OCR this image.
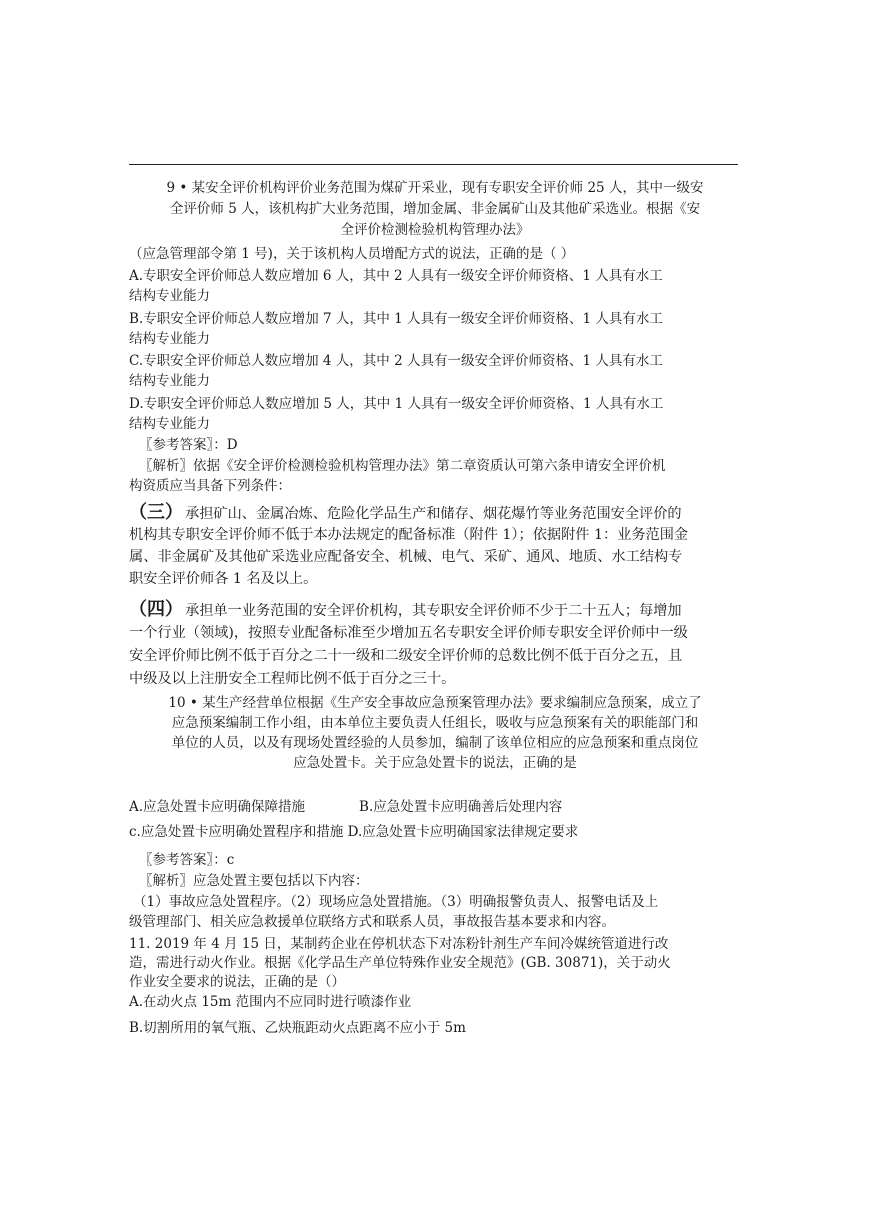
9 • 某安全评价机构评价业务范围为煤矿开采业，现有专职安全评价师 25 人，其中一级安
全评价师 5 人，该机构扩大业务范围，增加金属、非金属矿山及其他矿采选业。根据《安
全评价检测检验机构管理办法》
（应急管理部令第 1 号)，关于该机构人员增配方式的说法，正确的是（ ）
A.专职安全评价师总人数应增加 6 人，其中 2 人具有一级安全评价师资格、1 人具有水工
结构专业能力
B.专职安全评价师总人数应增加 7 人，其中 1 人具有一级安全评价师资格、1 人具有水工
结构专业能力
C.专职安全评价师总人数应增加 4 人，其中 2 人具有一级安全评价师资格、1 人具有水工
结构专业能力
D.专职安全评价师总人数应增加 5 人，其中 1 人具有一级安全评价师资格、1 人具有水工
结构专业能力
〖参考答案〗：D
〖解析〗依据《安全评价检测检验机构管理办法》第二章资质认可第六条申请安全评价机
构资质应当具备下列条件：
（三） 承担矿山、金属冶炼、危险化学品生产和储存、烟花爆竹等业务范围安全评价的
机构其专职安全评价师不低于本办法规定的配备标准（附件 1）；依据附件 1：业务范围金
属、非金属矿及其他矿采选业应配备安全、机械、电气、采矿、通风、地质、水工结构专
职安全评价师各 1 名及以上。
（四） 承担单一业务范围的安全评价机构，其专职安全评价师不少于二十五人；每增加
一个行业（领域)，按照专业配备标准至少增加五名专职安全评价师专职安全评价师中一级
安全评价师比例不低于百分之二十一级和二级安全评价师的总数比例不低于百分之五，且
中级及以上注册安全工程师比例不低于百分之三十。
10 • 某生产经营单位根据《生产安全事故应急预案管理办法》要求编制应急预案，成立了
应急预案编制工作小组，由本单位主要负责人任组长，吸收与应急预案有关的职能部门和
单位的人员，以及有现场处置经验的人员参加，编制了该单位相应的应急预案和重点岗位
应急处置卡。关于应急处置卡的说法，正确的是
A.应急处置卡应明确保障措施　　　　B.应急处置卡应明确善后处理内容
c.应急处置卡应明确处置程序和措施 D.应急处置卡应明确国家法律规定要求
〖参考答案〗：c
〖解析〗应急处置主要包括以下内容：
（1）事故应急处置程序。（2）现场应急处置措施。（3）明确报警负责人、报警电话及上
级管理部门、相关应急救援单位联络方式和联系人员，事故报告基本要求和内容。
11. 2019 年 4 月 15 日，某制药企业在停机状态下对冻粉针剂生产车间冷媒统管道进行改
造，需进行动火作业。根据《化学品生产单位特殊作业安全规范》(GB. 30871)，关于动火
作业安全要求的说法，正确的是（）
A.在动火点 15m 范围内不应同时进行喷漆作业
B.切割所用的氧气瓶、乙炔瓶距动火点距离不应小于 5m
